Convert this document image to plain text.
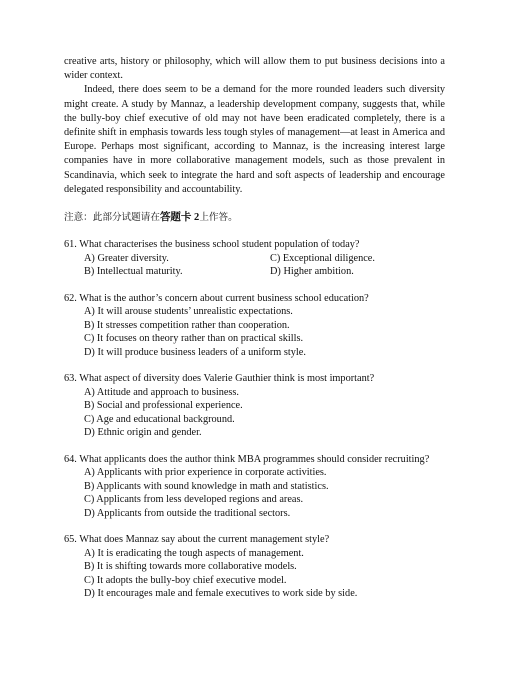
creative arts, history or philosophy, which will allow them to put business decisions into a wider context.

Indeed, there does seem to be a demand for the more rounded leaders such diversity might create. A study by Mannaz, a leadership development company, suggests that, while the bully-boy chief executive of old may not have been eradicated completely, there is a definite shift in emphasis towards less tough styles of management—at least in America and Europe. Perhaps most significant, according to Mannaz, is the increasing interest large companies have in more collaborative management models, such as those prevalent in Scandinavia, which seek to integrate the hard and soft aspects of leadership and encourage delegated responsibility and accountability.

注意：此部分试题请在答题卡 2上作答。
61. What characterises the business school student population of today?
A) Greater diversity.	C) Exceptional diligence.
B) Intellectual maturity.	D) Higher ambition.
62. What is the author’s concern about current business school education?
A) It will arouse students’ unrealistic expectations.
B) It stresses competition rather than cooperation.
C) It focuses on theory rather than on practical skills.
D) It will produce business leaders of a uniform style.
63. What aspect of diversity does Valerie Gauthier think is most important?
A) Attitude and approach to business.
B) Social and professional experience.
C) Age and educational background.
D) Ethnic origin and gender.
64. What applicants does the author think MBA programmes should consider recruiting?
A) Applicants with prior experience in corporate activities.
B) Applicants with sound knowledge in math and statistics.
C) Applicants from less developed regions and areas.
D) Applicants from outside the traditional sectors.
65. What does Mannaz say about the current management style?
A) It is eradicating the tough aspects of management.
B) It is shifting towards more collaborative models.
C) It adopts the bully-boy chief executive model.
D) It encourages male and female executives to work side by side.
